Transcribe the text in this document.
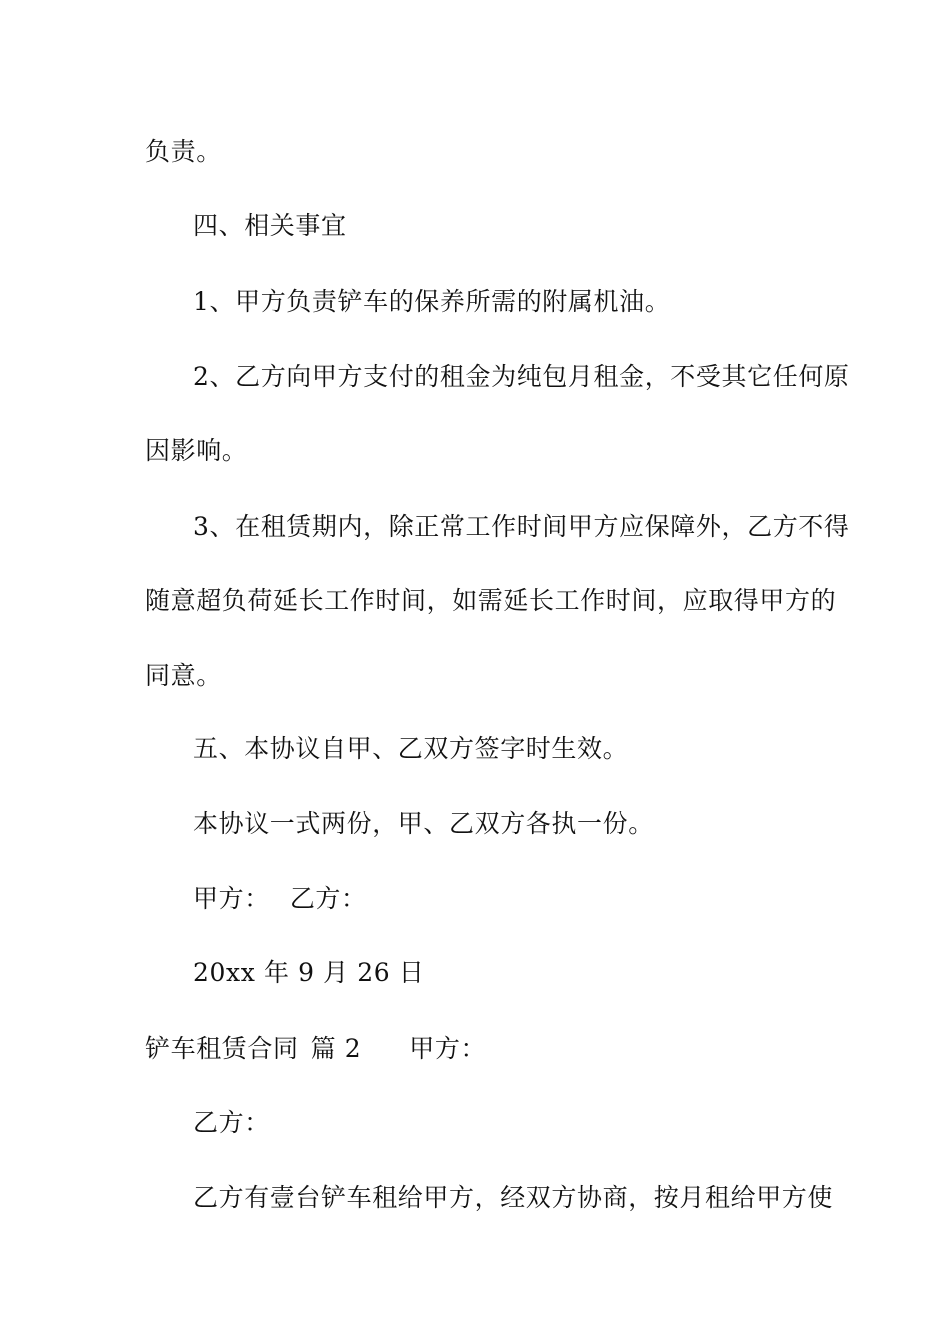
负责。
四、相关事宜
1、甲方负责铲车的保养所需的附属机油。
2、乙方向甲方支付的租金为纯包月租金，不受其它任何原
因影响。
3、在租赁期内，除正常工作时间甲方应保障外，乙方不得
随意超负荷延长工作时间，如需延长工作时间，应取得甲方的
同意。
五、本协议自甲、乙双方签字时生效。
本协议一式两份，甲、乙双方各执一份。
甲方： 乙方：
20xx 年 9 月 26 日
铲车租赁合同 篇 2 甲方：
乙方：
乙方有壹台铲车租给甲方，经双方协商，按月租给甲方使
